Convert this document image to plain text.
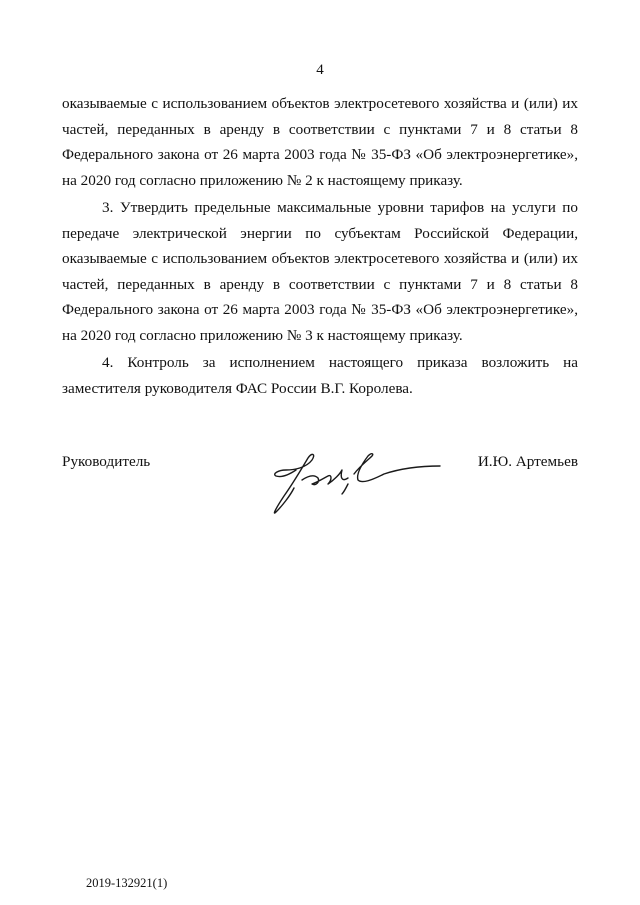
4

оказываемые с использованием объектов электросетевого хозяйства и (или) их частей, переданных в аренду в соответствии с пунктами 7 и 8 статьи 8 Федерального закона от 26 марта 2003 года № 35-ФЗ «Об электроэнергетике», на 2020 год согласно приложению № 2 к настоящему приказу.

3. Утвердить предельные максимальные уровни тарифов на услуги по передаче электрической энергии по субъектам Российской Федерации, оказываемые с использованием объектов электросетевого хозяйства и (или) их частей, переданных в аренду в соответствии с пунктами 7 и 8 статьи 8 Федерального закона от 26 марта 2003 года № 35-ФЗ «Об электроэнергетике», на 2020 год согласно приложению № 3 к настоящему приказу.

4. Контроль за исполнением настоящего приказа возложить на заместителя руководителя ФАС России В.Г. Королева.

Руководитель	И.Ю. Артемьев
2019-132921(1)
